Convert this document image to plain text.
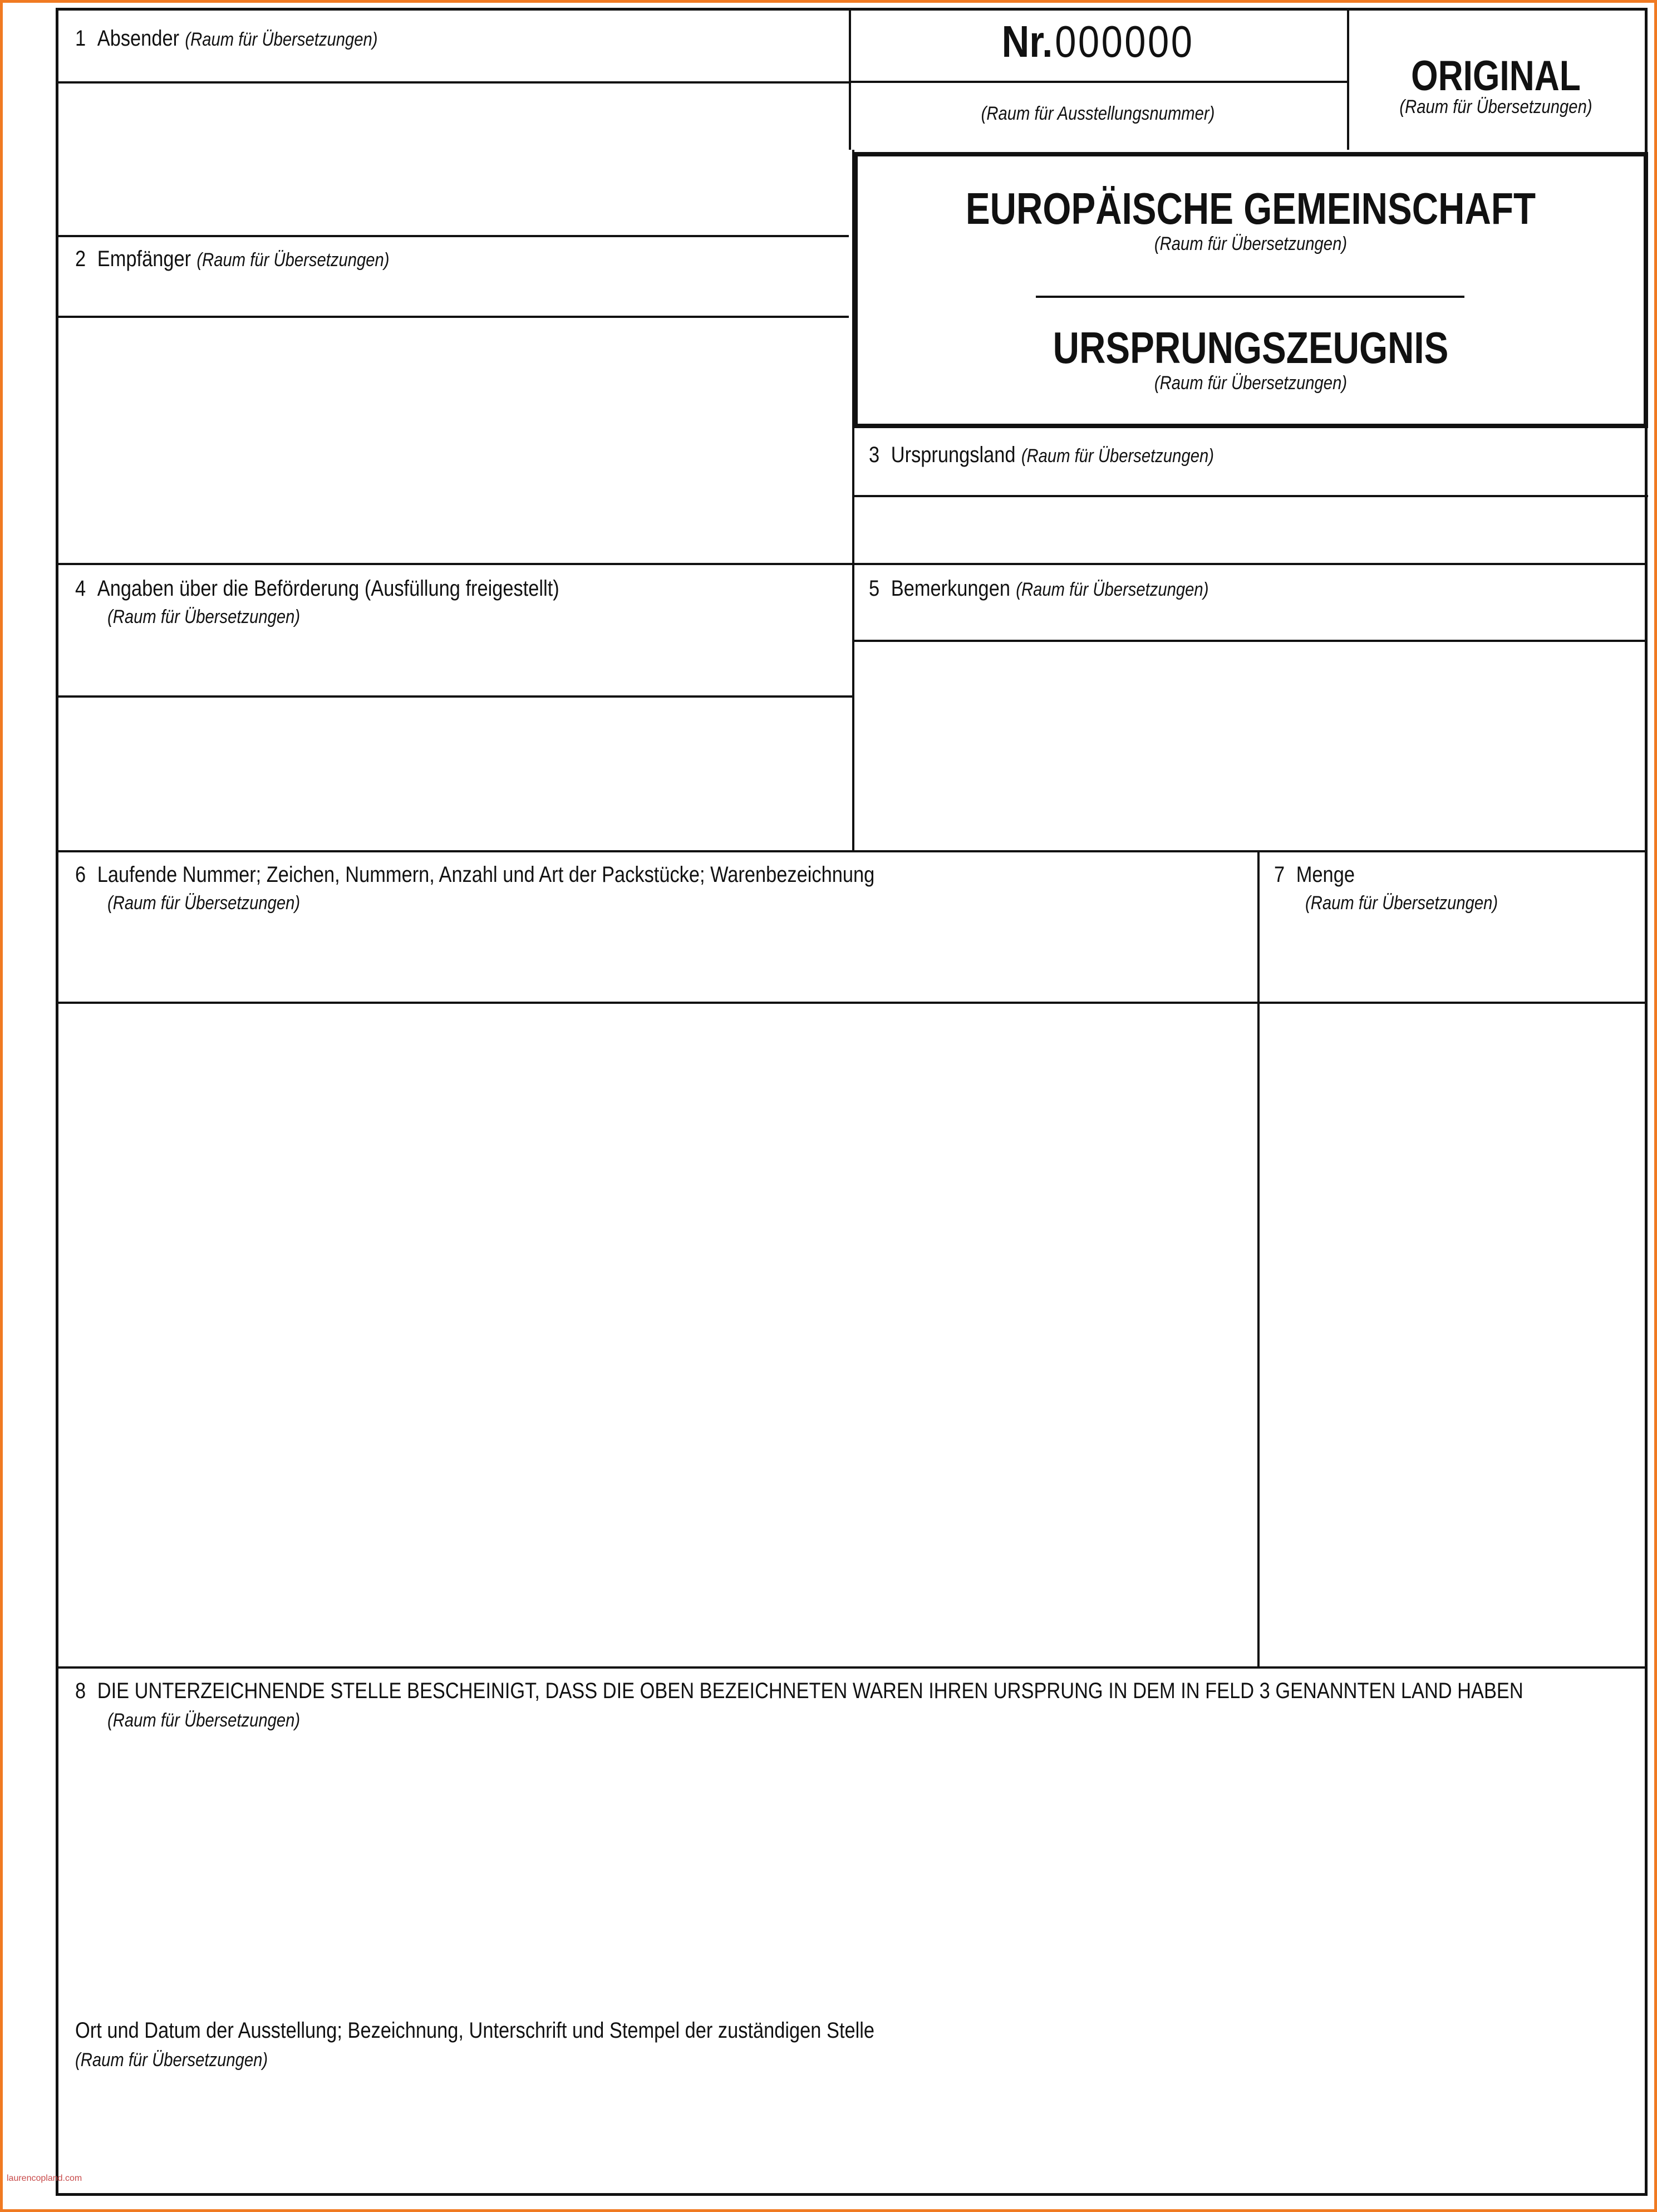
1 Absender (Raum für Übersetzungen)	Nr. 000000
(Raum für Ausstellungsnummer)
ORIGINAL
(Raum für Übersetzungen)
EUROPÄISCHE GEMEINSCHAFT
(Raum für Übersetzungen)
URSPRUNGSZEUGNIS
(Raum für Übersetzungen)
2 Empfänger (Raum für Übersetzungen)
3 Ursprungsland (Raum für Übersetzungen)
4 Angaben über die Beförderung (Ausfüllung freigestellt)
(Raum für Übersetzungen)
5 Bemerkungen (Raum für Übersetzungen)
6 Laufende Nummer; Zeichen, Nummern, Anzahl und Art der Packstücke; Warenbezeichnung
(Raum für Übersetzungen)
7 Menge
(Raum für Übersetzungen)
8 DIE UNTERZEICHNENDE STELLE BESCHEINIGT, DASS DIE OBEN BEZEICHNETEN WAREN IHREN URSPRUNG IN DEM IN FELD 3 GENANNTEN LAND HABEN
(Raum für Übersetzungen)
Ort und Datum der Ausstellung; Bezeichnung, Unterschrift und Stempel der zuständigen Stelle
(Raum für Übersetzungen)
laurencopland.com
